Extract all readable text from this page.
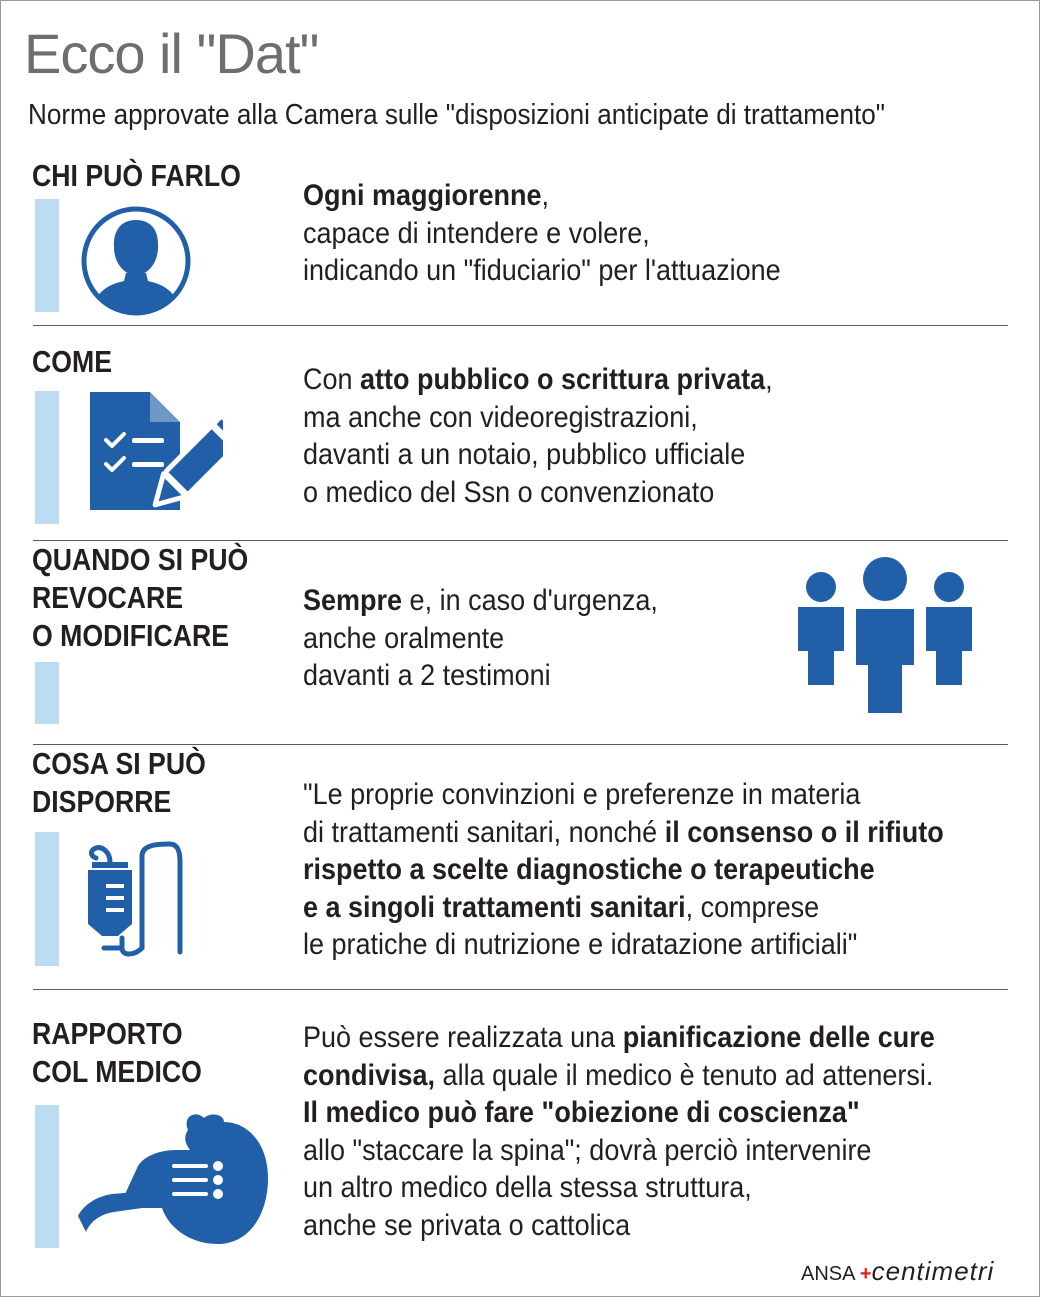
Ecco il "Dat"
Norme approvate alla Camera sulle "disposizioni anticipate di trattamento"
CHI PUÒ FARLO
Ogni maggiorenne,
capace di intendere e volere,
indicando un "fiduciario" per l'attuazione
COME
Con atto pubblico o scrittura privata,
ma anche con videoregistrazioni,
davanti a un notaio, pubblico ufficiale
o medico del Ssn o convenzionato
QUANDO SI PUÒ
REVOCARE
O MODIFICARE
Sempre e, in caso d'urgenza,
anche oralmente
davanti a 2 testimoni
COSA SI PUÒ
DISPORRE	"Le proprie convinzioni e preferenze in materia
di trattamenti sanitari, nonché il consenso o il rifiuto
rispetto a scelte diagnostiche o terapeutiche
e a singoli trattamenti sanitari, comprese
le pratiche di nutrizione e idratazione artificiali"
RAPPORTO
COL MEDICO
Può essere realizzata una pianificazione delle cure
condivisa, alla quale il medico è tenuto ad attenersi.
Il medico può fare "obiezione di coscienza"
allo "staccare la spina"; dovrà perciò intervenire
un altro medico della stessa struttura,
anche se privata o cattolica
ANSA +centimetri
